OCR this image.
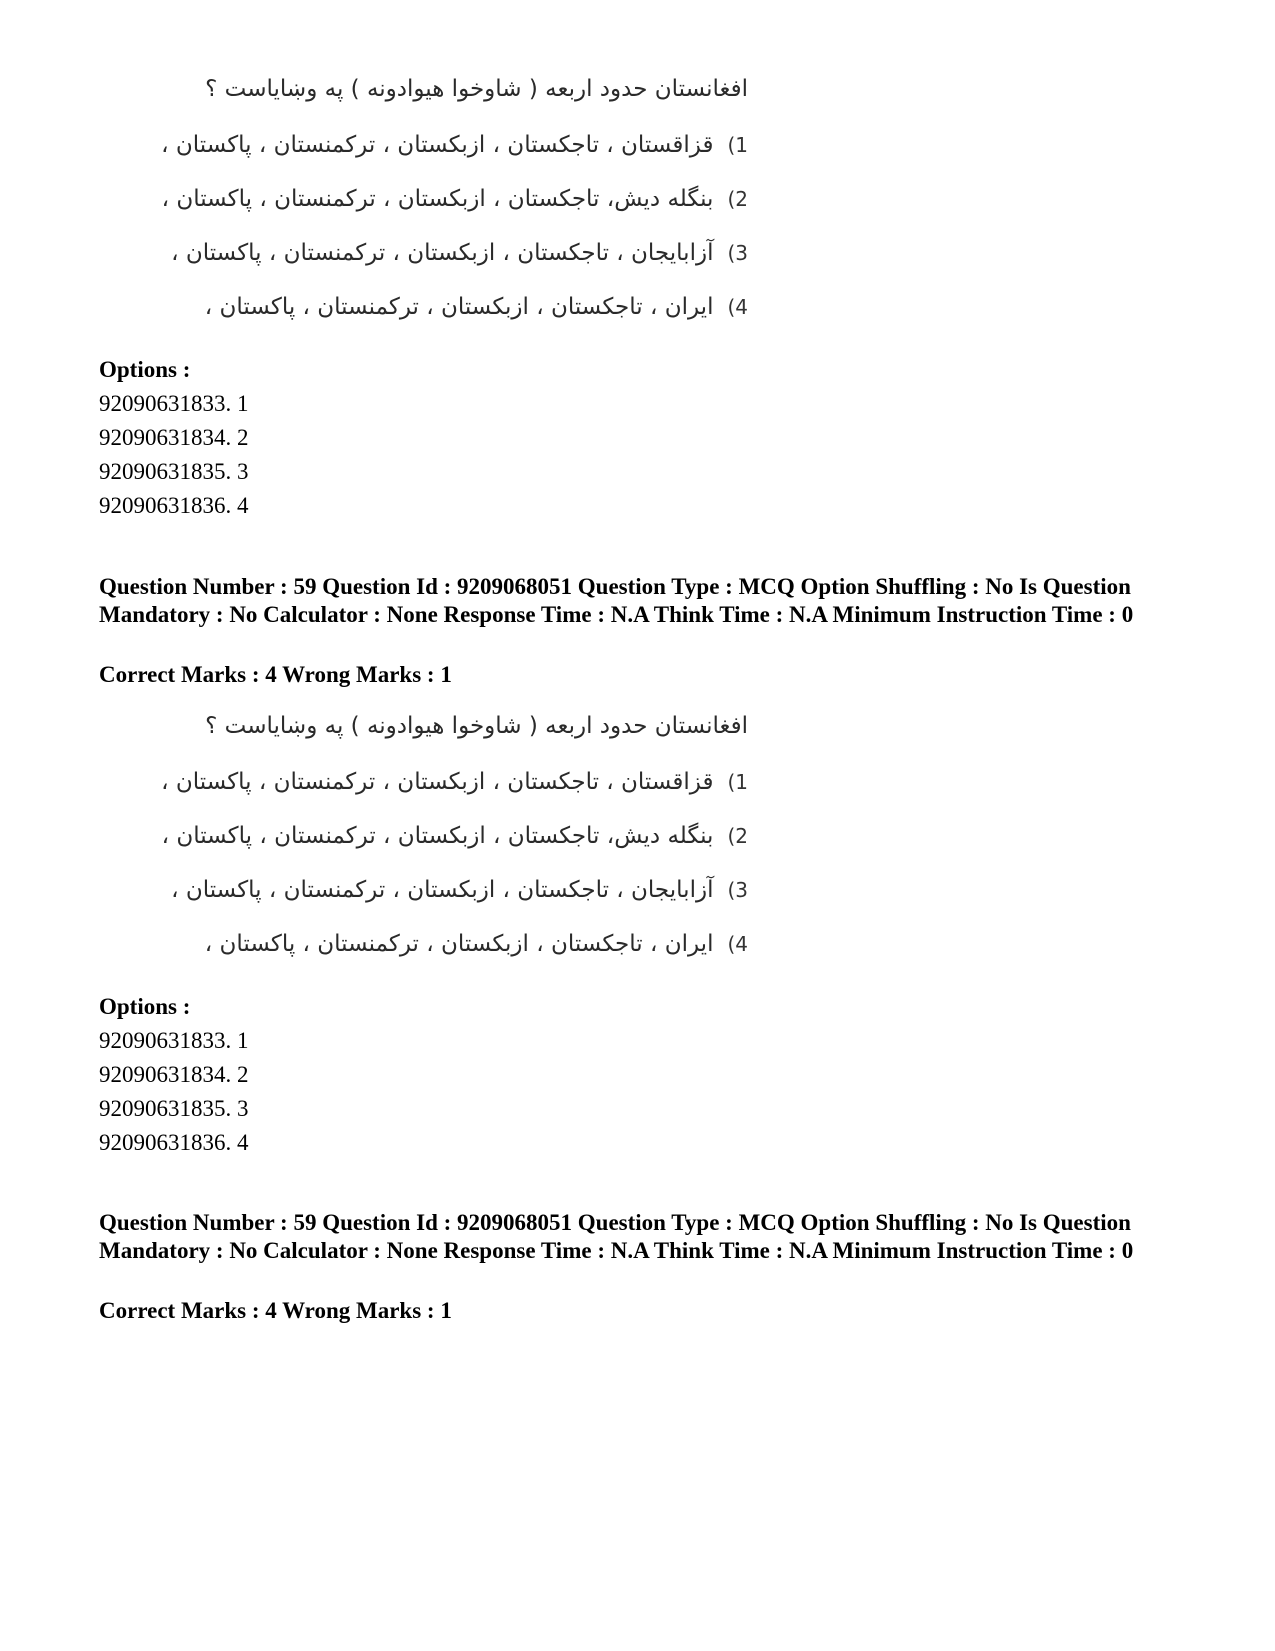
افغانستان حدود اربعه ( شاوخوا هیوادونه ) په وښایاست ؟
(1قزاقستان ، تاجکستان ، ازبکستان ، ترکمنستان ، پاکستان ،
(2بنگله دیش، تاجکستان ، ازبکستان ، ترکمنستان ، پاکستان ،
(3آزابایجان ، تاجکستان ، ازبکستان ، ترکمنستان ، پاکستان ،
(4ایران ، تاجکستان ، ازبکستان ، ترکمنستان ، پاکستان ،
Options :
92090631833. 1
92090631834. 2
92090631835. 3
92090631836. 4
Question Number : 59 Question Id : 9209068051 Question Type : MCQ Option Shuffling : No Is Question Mandatory : No Calculator : None Response Time : N.A Think Time : N.A Minimum Instruction Time : 0
Correct Marks : 4 Wrong Marks : 1
افغانستان حدود اربعه ( شاوخوا هیوادونه ) په وښایاست ؟
(1قزاقستان ، تاجکستان ، ازبکستان ، ترکمنستان ، پاکستان ،
(2بنگله دیش، تاجکستان ، ازبکستان ، ترکمنستان ، پاکستان ،
(3آزابایجان ، تاجکستان ، ازبکستان ، ترکمنستان ، پاکستان ،
(4ایران ، تاجکستان ، ازبکستان ، ترکمنستان ، پاکستان ،
Options :
92090631833. 1
92090631834. 2
92090631835. 3
92090631836. 4
Question Number : 59 Question Id : 9209068051 Question Type : MCQ Option Shuffling : No Is Question Mandatory : No Calculator : None Response Time : N.A Think Time : N.A Minimum Instruction Time : 0
Correct Marks : 4 Wrong Marks : 1
